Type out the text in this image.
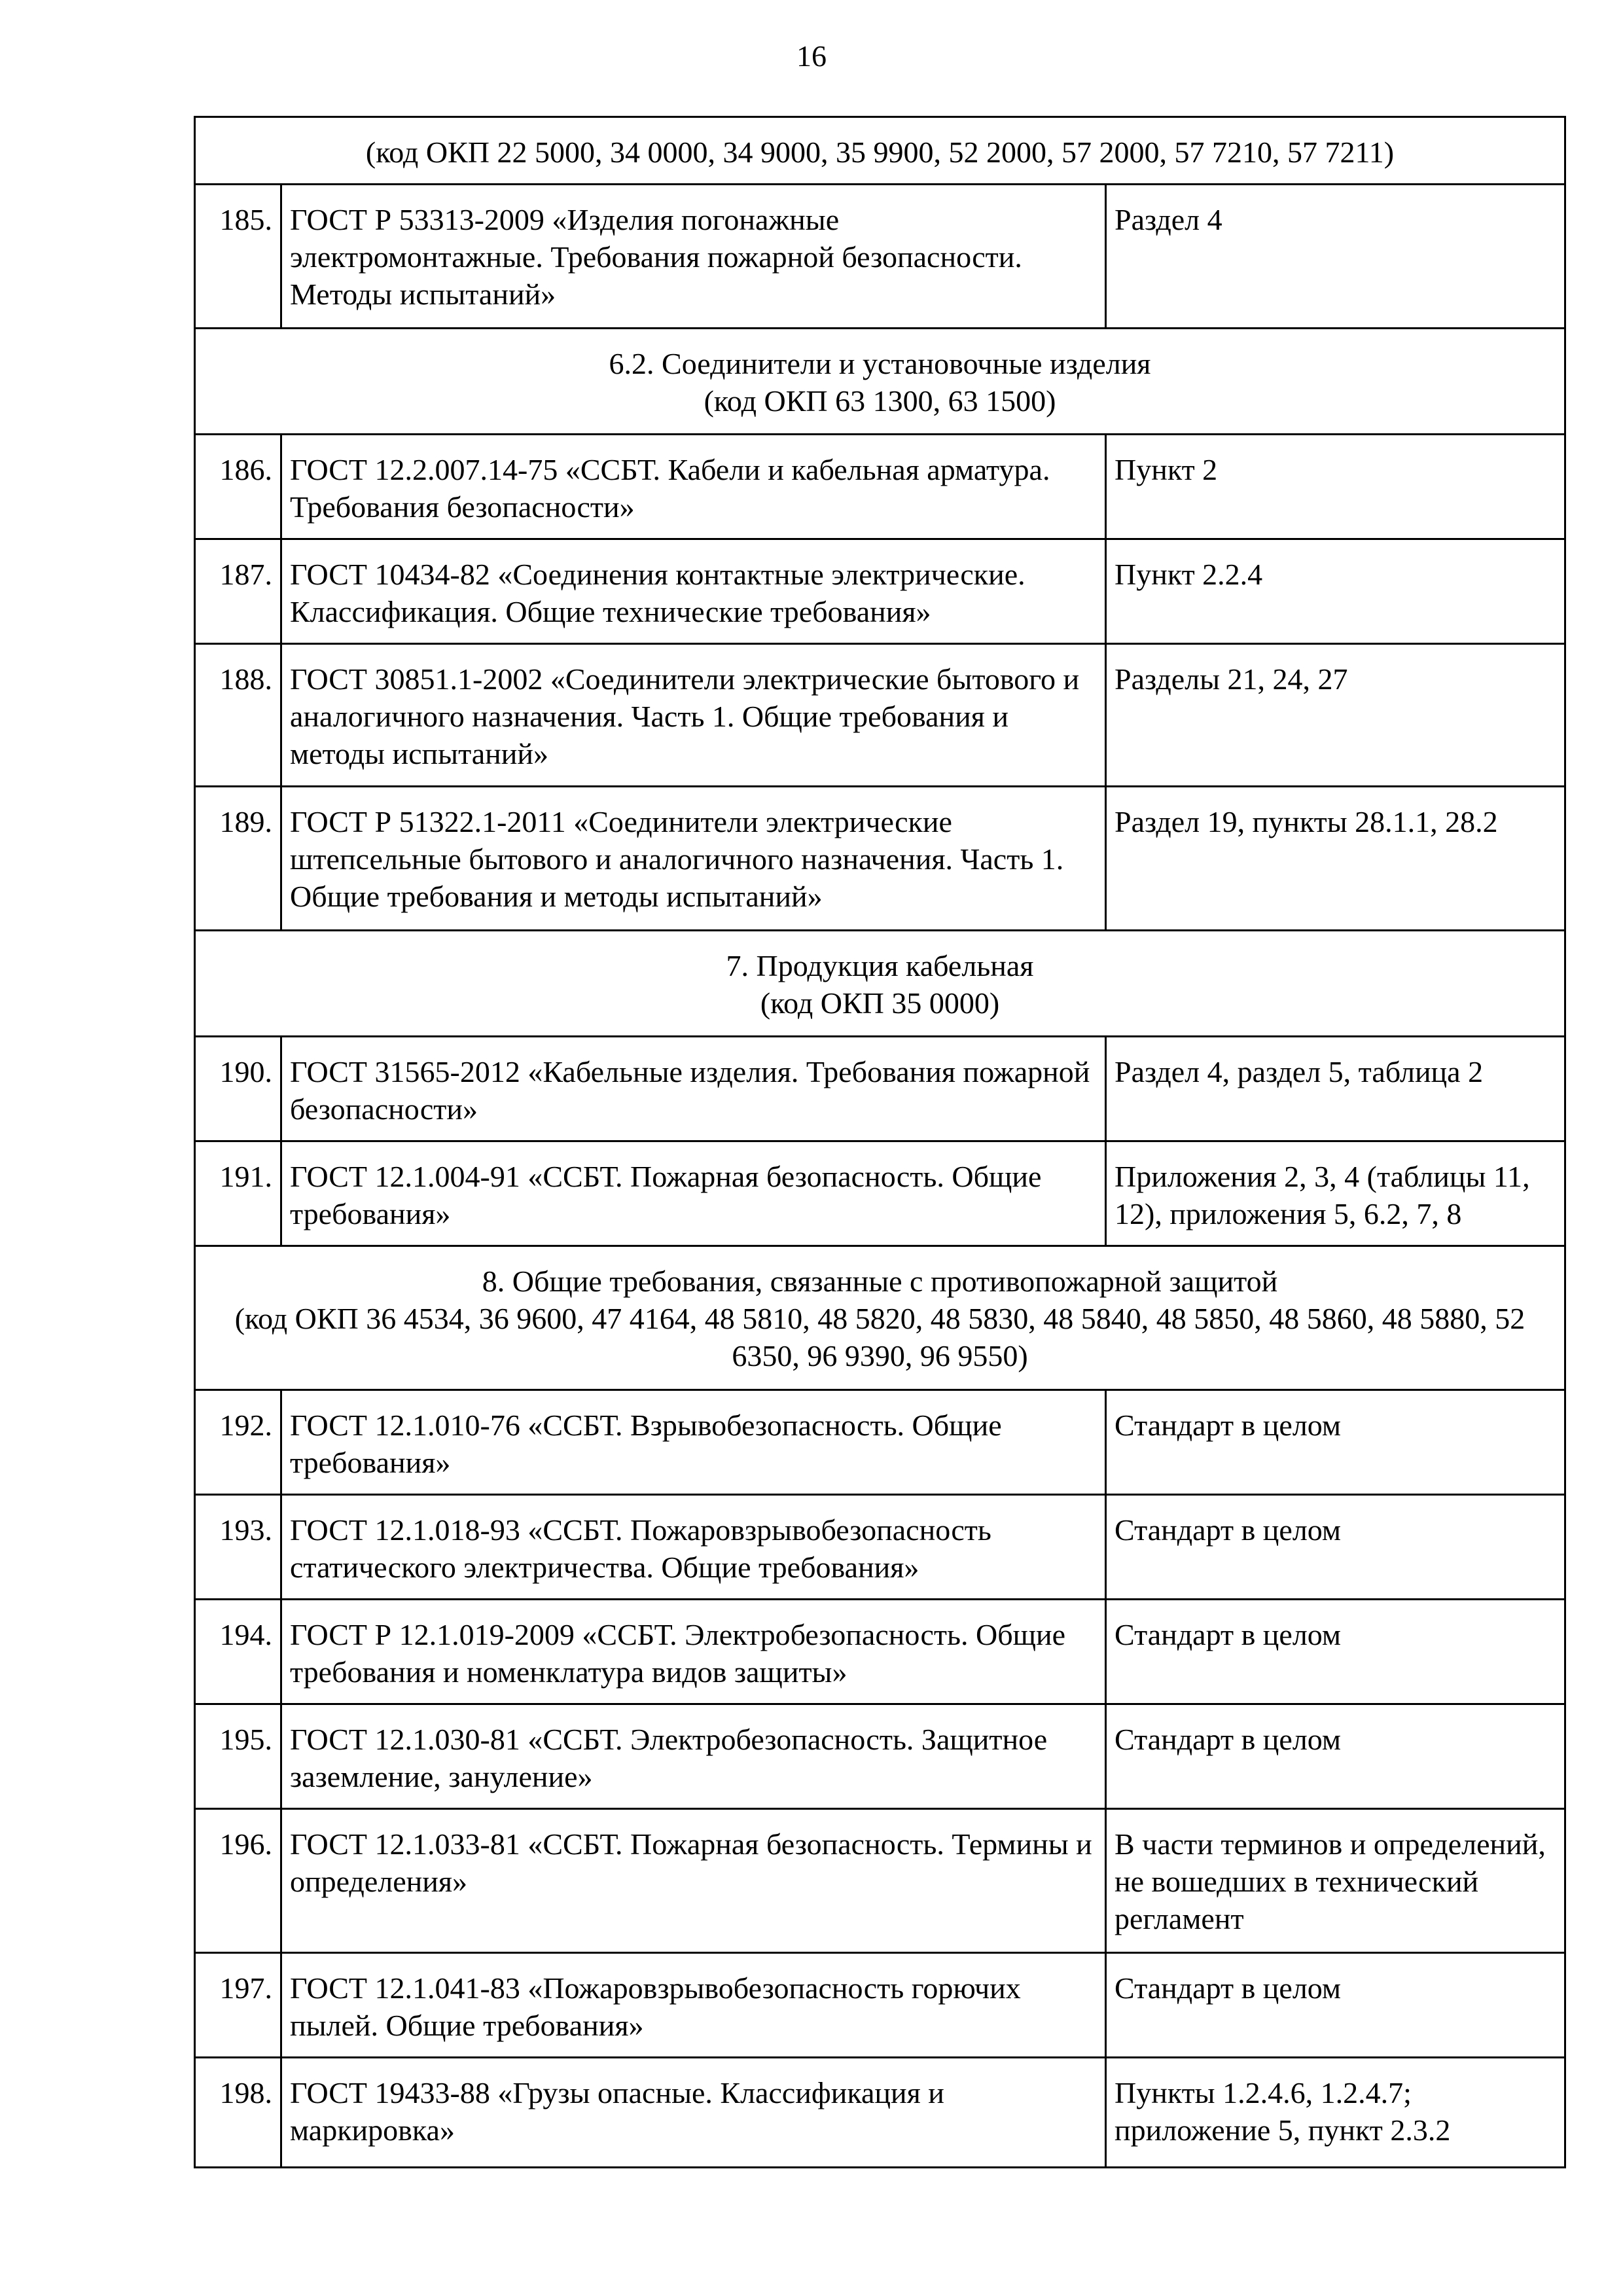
16
(код ОКП 22 5000, 34 0000, 34 9000, 35 9900, 52 2000, 57 2000, 57 7210, 57 7211)		

185.	ГОСТ Р 53313-2009 «Изделия погонажные электромонтажные. Требования пожарной безопасности. Методы испытаний»	Раздел 4

6.2. Соединители и установочные изделия
(код ОКП 63 1300, 63 1500)		

186.	ГОСТ 12.2.007.14-75 «ССБТ. Кабели и кабельная арматура. Требования безопасности»	Пункт 2
187.	ГОСТ 10434-82 «Соединения контактные электрические. Классификация. Общие технические требования»	Пункт 2.2.4
188.	ГОСТ 30851.1-2002 «Соединители электрические бытового и аналогичного назначения. Часть 1. Общие требования и методы испытаний»	Разделы 21, 24, 27
189.	ГОСТ Р 51322.1-2011 «Соединители электрические штепсельные бытового и аналогичного назначения. Часть 1. Общие требования и методы испытаний»	Раздел 19, пункты 28.1.1, 28.2

7. Продукция кабельная
(код ОКП 35 0000)		

190.	ГОСТ 31565-2012 «Кабельные изделия. Требования пожарной безопасности»	Раздел 4, раздел 5, таблица 2
191.	ГОСТ 12.1.004-91 «ССБТ. Пожарная безопасность. Общие требования»	Приложения 2, 3, 4 (таблицы 11, 12), приложения 5, 6.2, 7, 8

8. Общие требования, связанные с противопожарной защитой
(код ОКП 36 4534, 36 9600, 47 4164, 48 5810, 48 5820, 48 5830, 48 5840, 48 5850, 48 5860, 48 5880, 52 6350, 96 9390, 96 9550)		

192.	ГОСТ 12.1.010-76 «ССБТ. Взрывобезопасность. Общие требования»	Стандарт в целом
193.	ГОСТ 12.1.018-93 «ССБТ. Пожаровзрывобезопасность статического электричества. Общие требования»	Стандарт в целом
194.	ГОСТ Р 12.1.019-2009 «ССБТ. Электробезопасность. Общие требования и номенклатура видов защиты»	Стандарт в целом
195.	ГОСТ 12.1.030-81 «ССБТ. Электробезопасность. Защитное заземление, зануление»	Стандарт в целом
196.	ГОСТ 12.1.033-81 «ССБТ. Пожарная безопасность. Термины и определения»	В части терминов и определений, не вошедших в технический регламент
197.	ГОСТ 12.1.041-83 «Пожаровзрывобезопасность горючих пылей. Общие требования»	Стандарт в целом
198.	ГОСТ 19433-88 «Грузы опасные. Классификация и маркировка»	Пункты 1.2.4.6, 1.2.4.7; приложение 5, пункт 2.3.2
